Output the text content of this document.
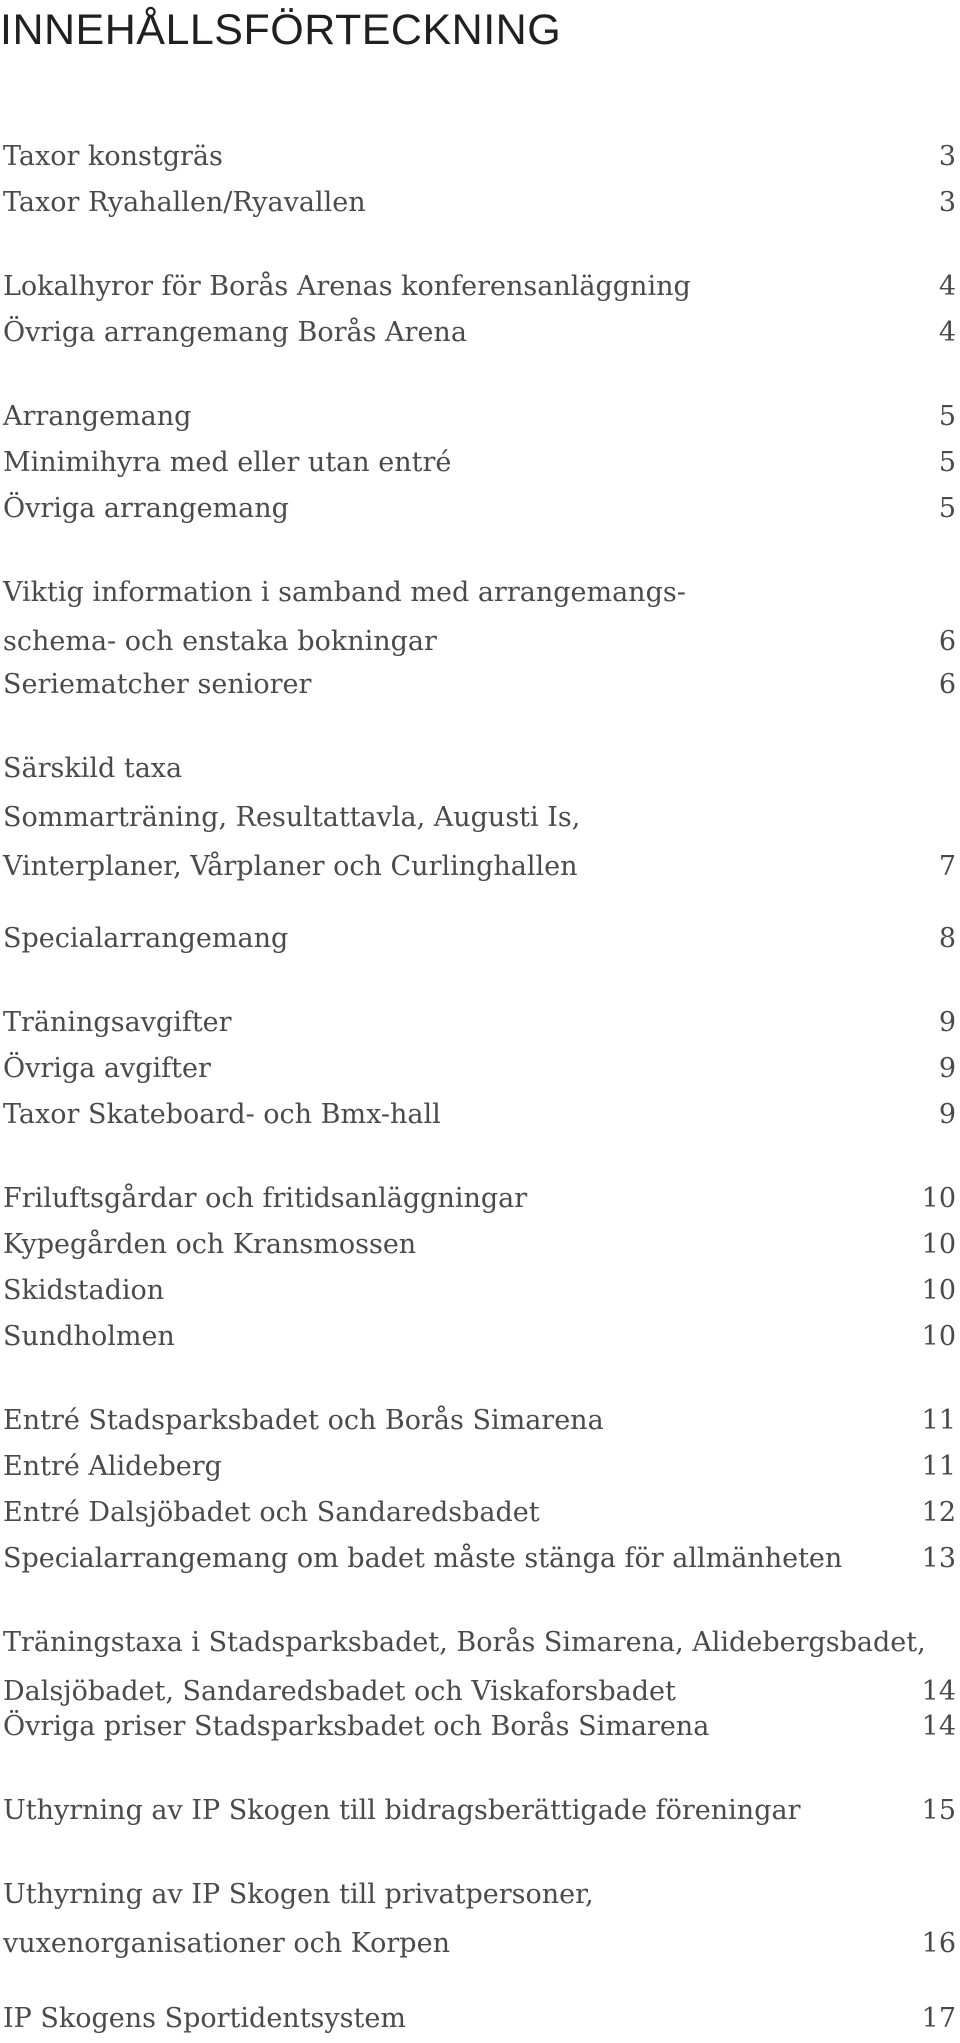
INNEHÅLLSFÖRTECKNING
Taxor konstgräs	3
Taxor Ryahallen/Ryavallen	3
Lokalhyror för Borås Arenas konferensanläggning	4
Övriga arrangemang Borås Arena	4
Arrangemang	5
Minimihyra med eller utan entré	5
Övriga arrangemang	5
Viktig information i samband med arrangemangs-
schema- och enstaka bokningar	6
Seriematcher seniorer	6
Särskild taxa
Sommarträning, Resultattavla, Augusti Is,
Vinterplaner, Vårplaner och Curlinghallen	7
Specialarrangemang	8
Träningsavgifter	9
Övriga avgifter	9
Taxor Skateboard- och Bmx-hall	9
Friluftsgårdar och fritidsanläggningar	10
Kypegården och Kransmossen	10
Skidstadion	10
Sundholmen	10
Entré Stadsparksbadet och Borås Simarena	11
Entré Alideberg	11
Entré Dalsjöbadet och Sandaredsbadet	12
Specialarrangemang om badet måste stänga för allmänheten	13
Träningstaxa i Stadsparksbadet, Borås Simarena, Alidebergsbadet,
Dalsjöbadet, Sandaredsbadet och Viskaforsbadet	14
Övriga priser Stadsparksbadet och Borås Simarena	14
Uthyrning av IP Skogen till bidragsberättigade föreningar	15
Uthyrning av IP Skogen till privatpersoner,
vuxenorganisationer och Korpen	16
IP Skogens Sportidentsystem	17
